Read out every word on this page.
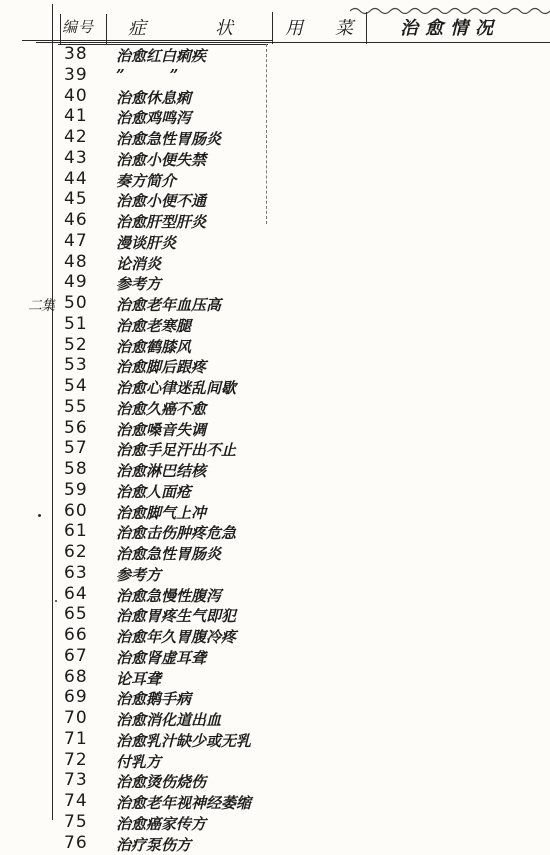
编号 症	状	用 菜	治愈情况
二集
38 治愈红白痢疾
39 ”   ”
40 治愈休息痢
41 治愈鸡鸣泻
42 治愈急性胃肠炎
43 治愈小便失禁
44 奏方简介
45 治愈小便不通
46 治愈肝型肝炎
47 漫谈肝炎
48 论消炎
49 参考方
50 治愈老年血压高
51 治愈老寒腿
52 治愈鹤膝风
53 治愈脚后跟疼
54 治愈心律迷乱间歇
55 治愈久癌不愈
56 治愈嗓音失调
57 治愈手足汗出不止
58 治愈淋巴结核
59 治愈人面疮
60 治愈脚气上冲
61 治愈击伤肿疼危急
62 治愈急性胃肠炎
63 参考方
64 治愈急慢性腹泻
65 治愈胃疼生气即犯
66 治愈年久胃腹冷疼
67 治愈肾虚耳聋
68 论耳聋
69 治愈鹅手病
70 治愈消化道出血
71 治愈乳汁缺少或无乳
72 付乳方
73 治愈烫伤烧伤
74 治愈老年视神经萎缩
75 治愈癌家传方
76 治疗泵伤方
